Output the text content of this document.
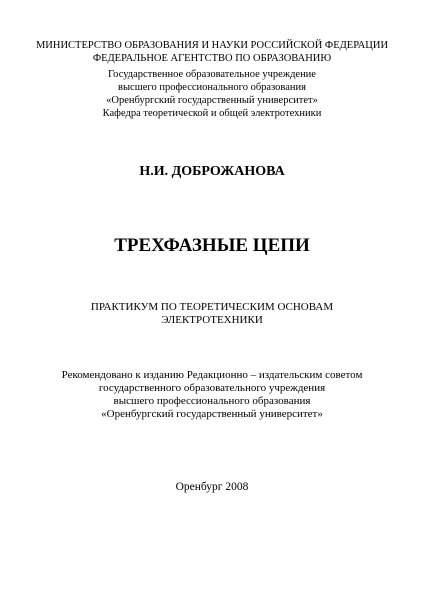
МИНИСТЕРСТВО ОБРАЗОВАНИЯ И НАУКИ РОССИЙСКОЙ ФЕДЕРАЦИИ
ФЕДЕРАЛЬНОЕ АГЕНТСТВО ПО ОБРАЗОВАНИЮ
Государственное образовательное учреждение
высшего профессионального образования
«Оренбургский государственный университет»
Кафедра теоретической и общей электротехники
Н.И. ДОБРОЖАНОВА
ТРЕХФАЗНЫЕ ЦЕПИ
ПРАКТИКУМ ПО ТЕОРЕТИЧЕСКИМ ОСНОВАМ
ЭЛЕКТРОТЕХНИКИ
Рекомендовано к изданию Редакционно – издательским советом
государственного образовательного учреждения
высшего профессионального образования
«Оренбургский государственный университет»
Оренбург 2008
